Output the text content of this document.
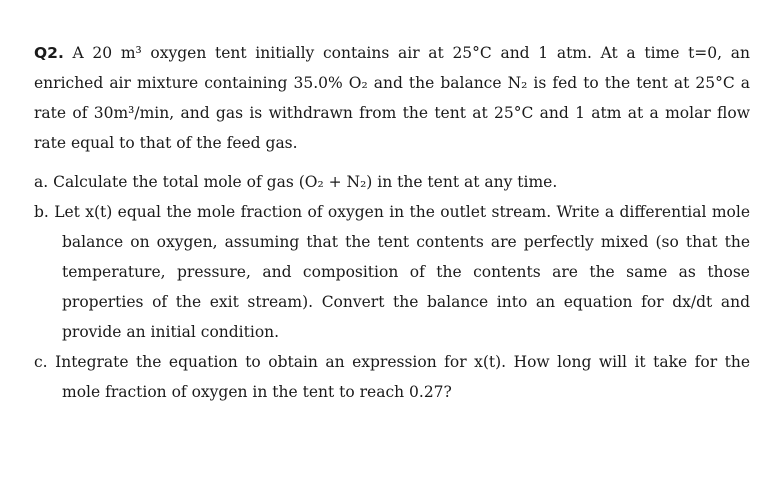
Q2. A 20 m³ oxygen tent initially contains air at 25°C and 1 atm. At a time t=0, an enriched air mixture containing 35.0% O₂ and the balance N₂ is fed to the tent at 25°C a rate of 30m³/min, and gas is withdrawn from the tent at 25°C and 1 atm at a molar flow rate equal to that of the feed gas.

a. Calculate the total mole of gas (O₂ + N₂) in the tent at any time.

b. Let x(t) equal the mole fraction of oxygen in the outlet stream. Write a differential mole balance on oxygen, assuming that the tent contents are perfectly mixed (so that the temperature, pressure, and composition of the contents are the same as those properties of the exit stream). Convert the balance into an equation for dx/dt and provide an initial condition.

c. Integrate the equation to obtain an expression for x(t). How long will it take for the mole fraction of oxygen in the tent to reach 0.27?
